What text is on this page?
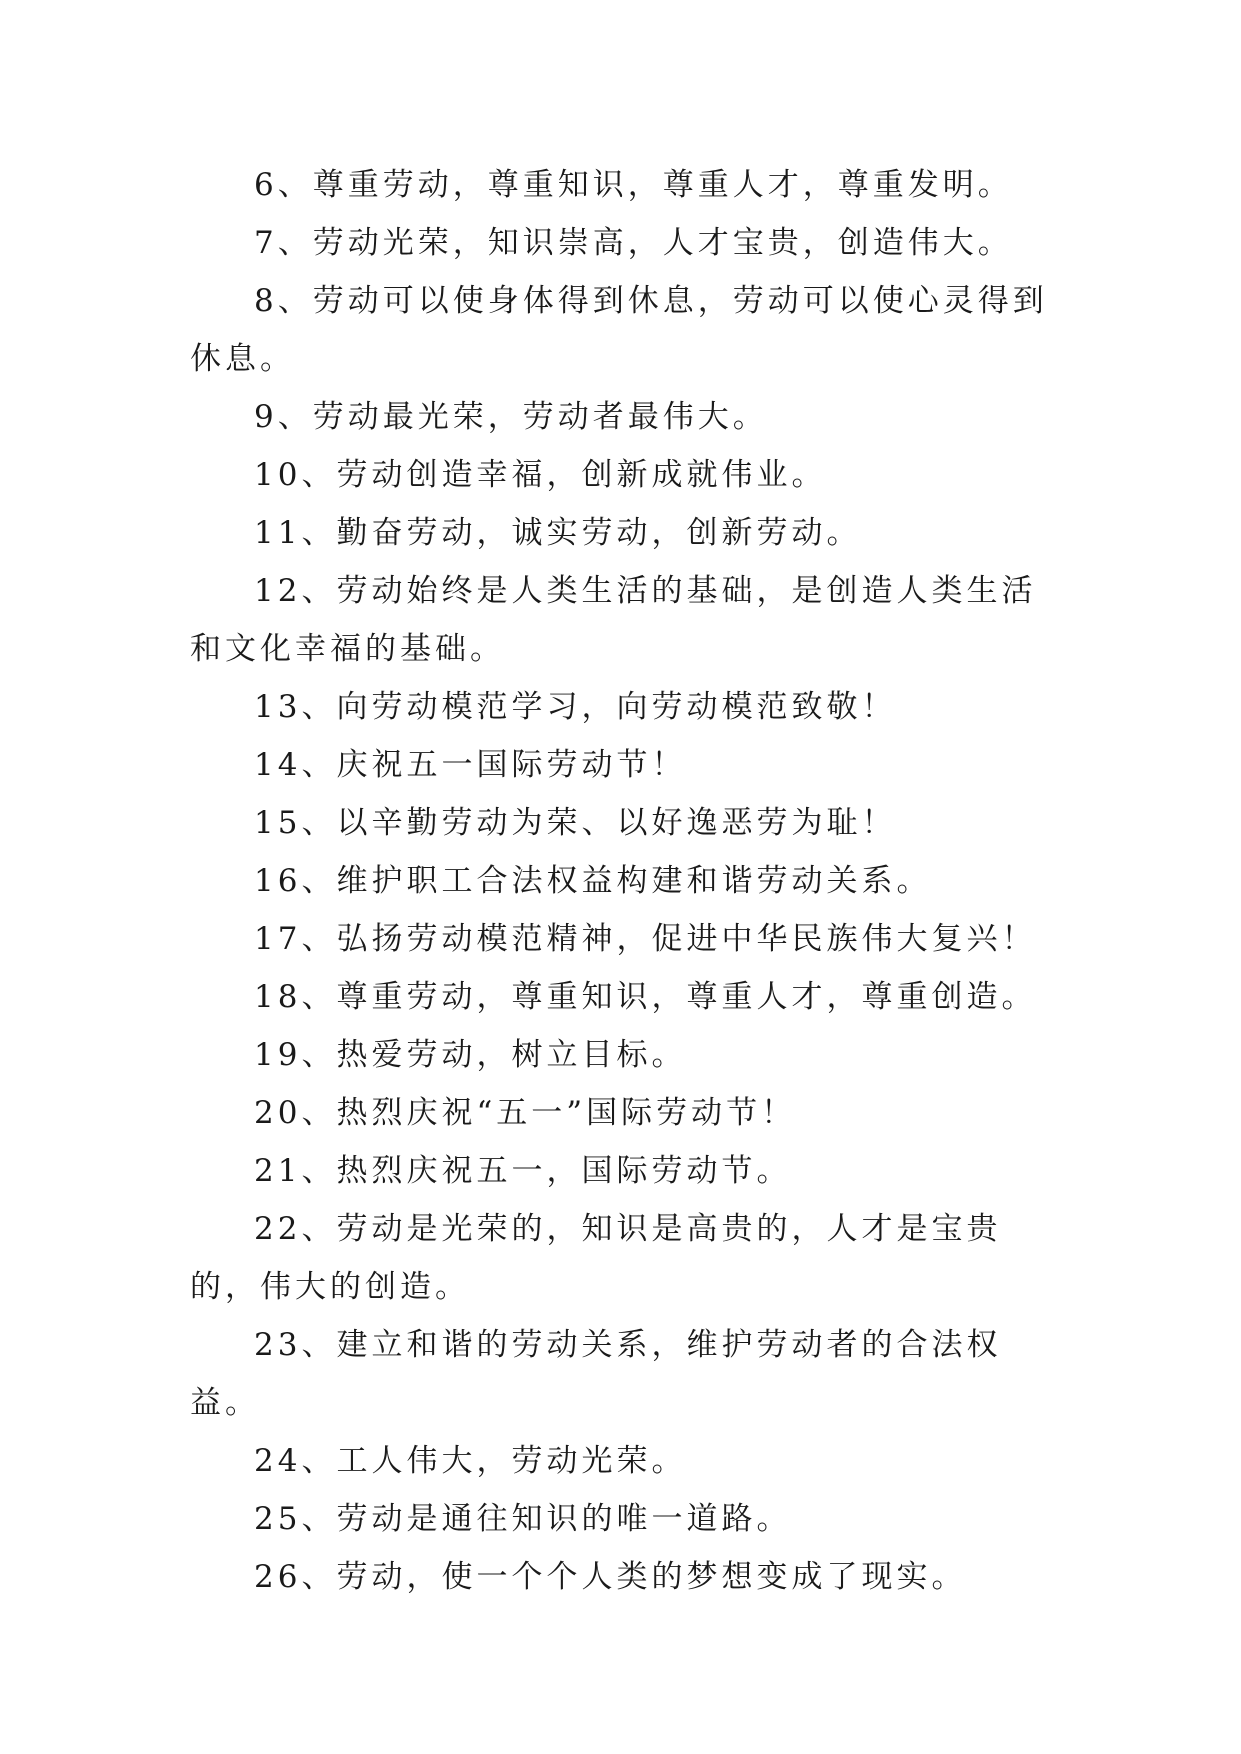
6、尊重劳动，尊重知识，尊重人才，尊重发明。

7、劳动光荣，知识崇高，人才宝贵，创造伟大。

8、劳动可以使身体得到休息，劳动可以使心灵得到休息。

9、劳动最光荣，劳动者最伟大。

10、劳动创造幸福，创新成就伟业。

11、勤奋劳动，诚实劳动，创新劳动。

12、劳动始终是人类生活的基础，是创造人类生活和文化幸福的基础。

13、向劳动模范学习，向劳动模范致敬！

14、庆祝五一国际劳动节！

15、以辛勤劳动为荣、以好逸恶劳为耻！

16、维护职工合法权益构建和谐劳动关系。

17、弘扬劳动模范精神，促进中华民族伟大复兴！

18、尊重劳动，尊重知识，尊重人才，尊重创造。

19、热爱劳动，树立目标。

20、热烈庆祝“五一”国际劳动节！

21、热烈庆祝五一，国际劳动节。

22、劳动是光荣的，知识是高贵的，人才是宝贵的，伟大的创造。

23、建立和谐的劳动关系，维护劳动者的合法权益。

24、工人伟大，劳动光荣。

25、劳动是通往知识的唯一道路。

26、劳动，使一个个人类的梦想变成了现实。
